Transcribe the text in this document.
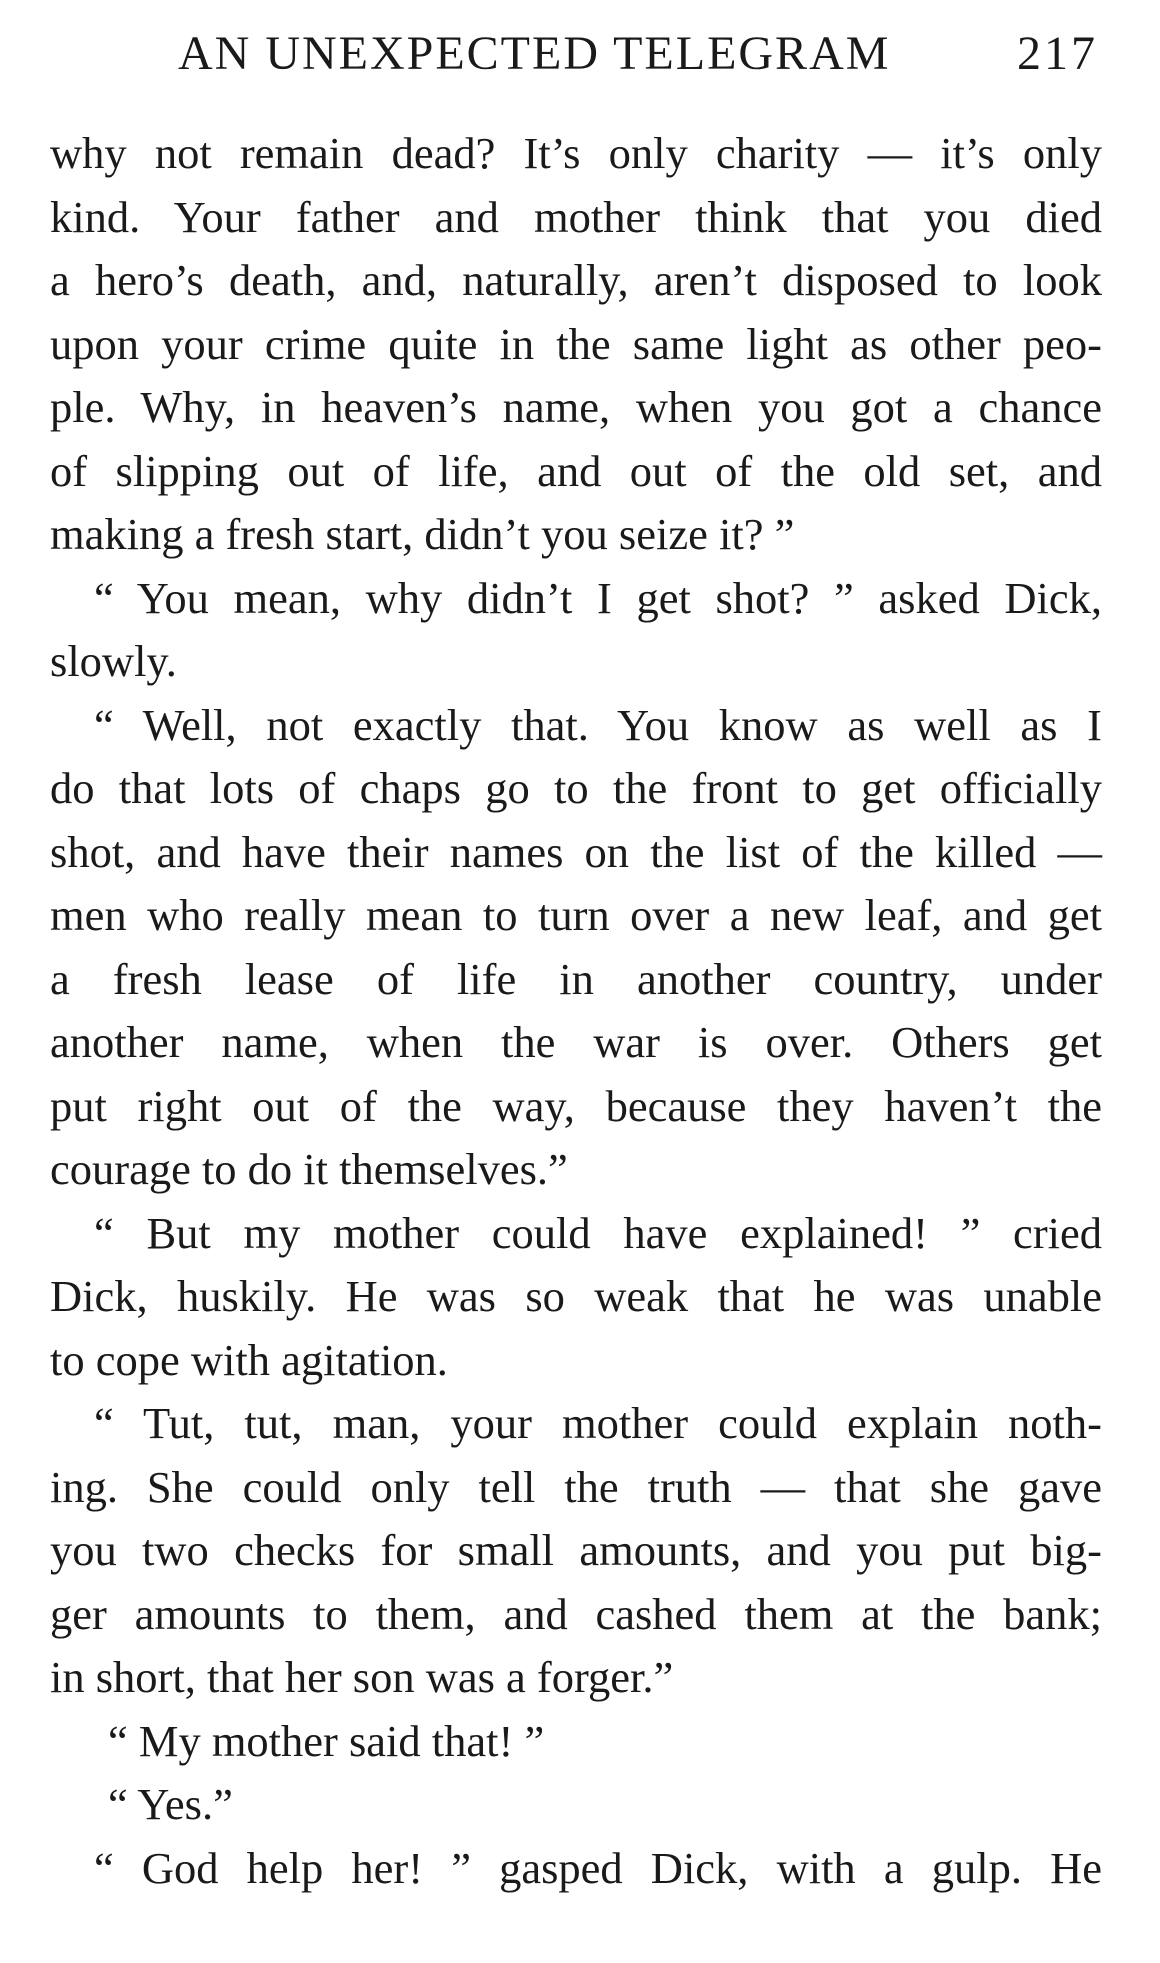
AN UNEXPECTED TELEGRAM	217
why not remain dead? It’s only charity — it’s only
kind. Your father and mother think that you died
a hero’s death, and, naturally, aren’t disposed to look
upon your crime quite in the same light as other peo-
ple. Why, in heaven’s name, when you got a chance
of slipping out of life, and out of the old set, and
making a fresh start, didn’t you seize it? ”
“ You mean, why didn’t I get shot? ” asked Dick,
slowly.
“ Well, not exactly that. You know as well as I
do that lots of chaps go to the front to get officially
shot, and have their names on the list of the killed —
men who really mean to turn over a new leaf, and get
a fresh lease of life in another country, under
another name, when the war is over. Others get
put right out of the way, because they haven’t the
courage to do it themselves.”
“ But my mother could have explained! ” cried
Dick, huskily. He was so weak that he was unable
to cope with agitation.
“ Tut, tut, man, your mother could explain noth-
ing. She could only tell the truth — that she gave
you two checks for small amounts, and you put big-
ger amounts to them, and cashed them at the bank;
in short, that her son was a forger.”
“ My mother said that! ”
“ Yes.”
“ God help her! ” gasped Dick, with a gulp. He
